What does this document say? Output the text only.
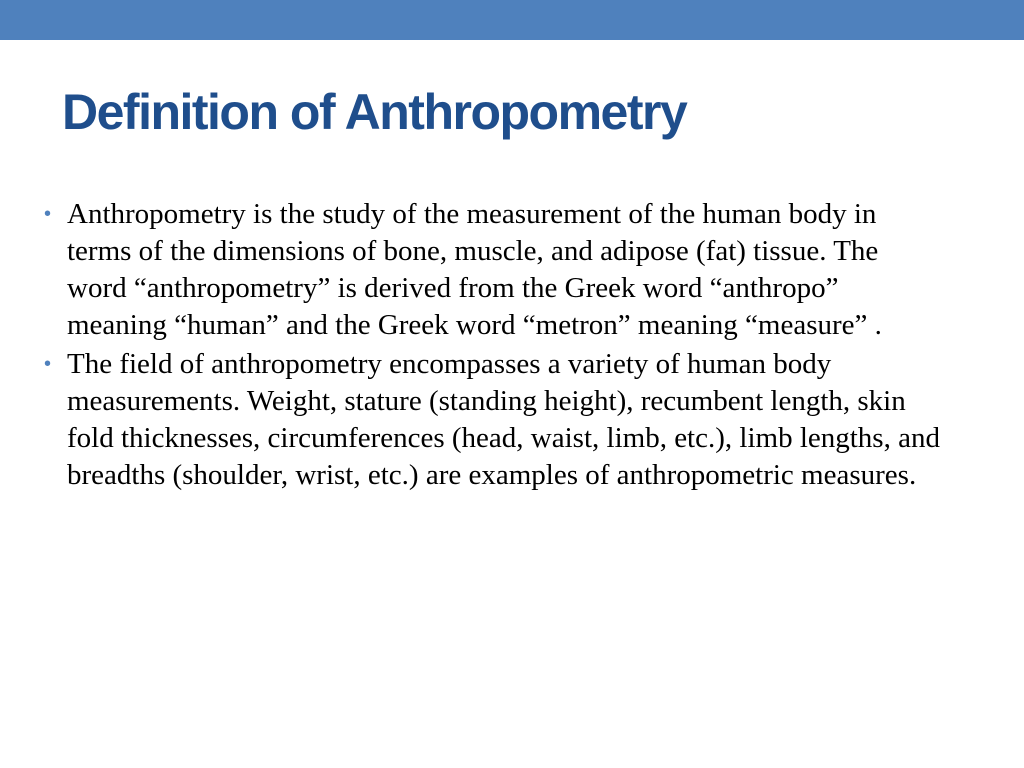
Definition of Anthropometry
• Anthropometry is the study of the measurement of the human body in terms of the dimensions of bone, muscle, and adipose (fat) tissue. The word “anthropometry” is derived from the Greek word “anthropo” meaning “human” and the Greek word “metron” meaning “measure” .
• The field of anthropometry encompasses a variety of human body measurements. Weight, stature (standing height), recumbent length, skin fold thicknesses, circumferences (head, waist, limb, etc.), limb lengths, and breadths (shoulder, wrist, etc.) are examples of anthropometric measures.
